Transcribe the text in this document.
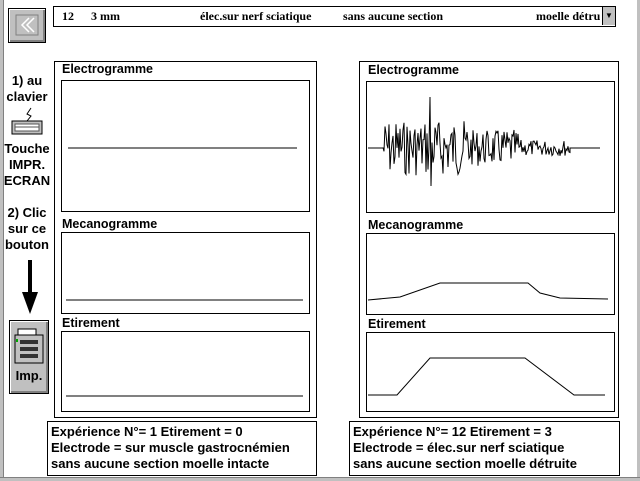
12 3 mm	élec.sur nerf sciatique	sans aucune section	moelle détru ▼
1) au
clavier
Touche
IMPR.
ECRAN
2) Clic
sur ce
bouton
Imp.
Electrogramme
Mecanogramme
Etirement
Electrogramme
Mecanogramme
Etirement
Expérience N°= 1 Etirement = 0
Electrode = sur muscle gastrocnémien
sans aucune section moelle intacte
Expérience N°= 12 Etirement = 3
Electrode = élec.sur nerf sciatique
sans aucune section moelle détruite
